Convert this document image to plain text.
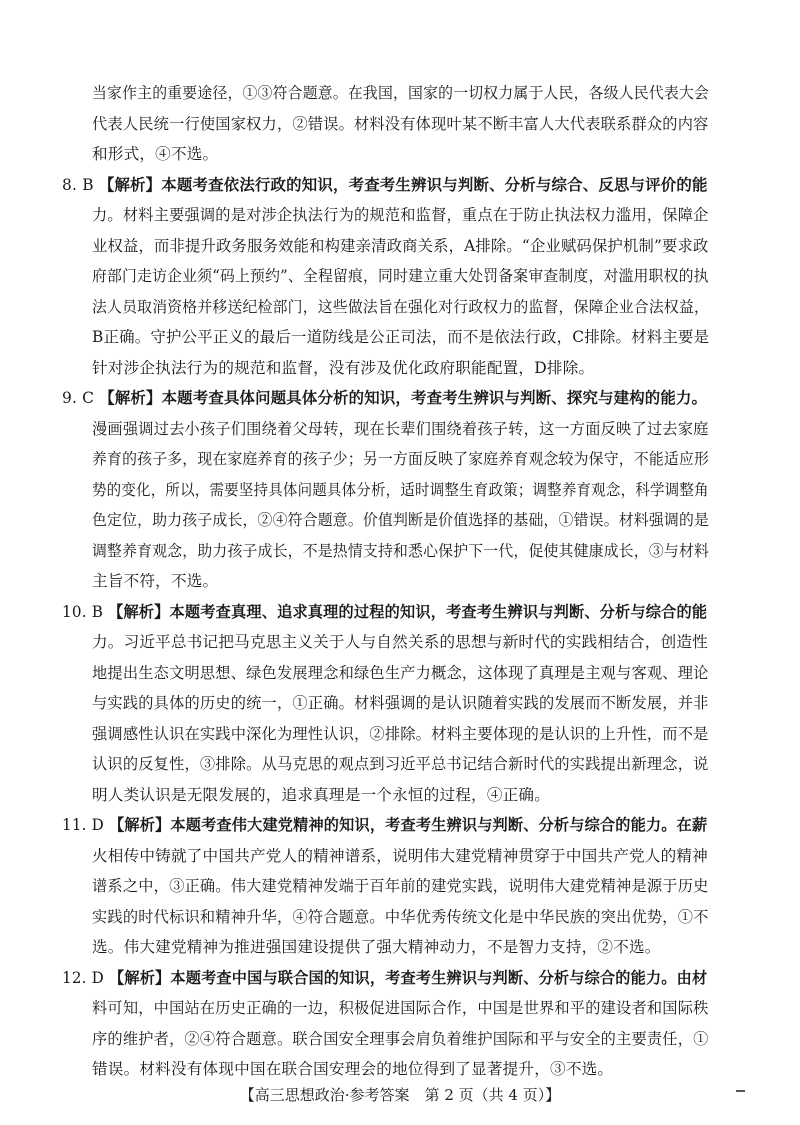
当家作主的重要途径，①③符合题意。在我国，国家的一切权力属于人民，各级人民代表大会
代表人民统一行使国家权力，②错误。材料没有体现叶某不断丰富人大代表联系群众的内容
和形式，④不选。
8. B 【解析】本题考查依法行政的知识，考查考生辨识与判断、分析与综合、反思与评价的能
力。材料主要强调的是对涉企执法行为的规范和监督，重点在于防止执法权力滥用，保障企
业权益，而非提升政务服务效能和构建亲清政商关系，A排除。“企业赋码保护机制”要求政
府部门走访企业须“码上预约”、全程留痕，同时建立重大处罚备案审查制度，对滥用职权的执
法人员取消资格并移送纪检部门，这些做法旨在强化对行政权力的监督，保障企业合法权益，
B正确。守护公平正义的最后一道防线是公正司法，而不是依法行政，C排除。材料主要是
针对涉企执法行为的规范和监督，没有涉及优化政府职能配置，D排除。
9. C 【解析】本题考查具体问题具体分析的知识，考查考生辨识与判断、探究与建构的能力。
漫画强调过去小孩子们围绕着父母转，现在长辈们围绕着孩子转，这一方面反映了过去家庭
养育的孩子多，现在家庭养育的孩子少；另一方面反映了家庭养育观念较为保守，不能适应形
势的变化，所以，需要坚持具体问题具体分析，适时调整生育政策；调整养育观念，科学调整角
色定位，助力孩子成长，②④符合题意。价值判断是价值选择的基础，①错误。材料强调的是
调整养育观念，助力孩子成长，不是热情支持和悉心保护下一代，促使其健康成长，③与材料
主旨不符，不选。
10. B 【解析】本题考查真理、追求真理的过程的知识，考查考生辨识与判断、分析与综合的能
力。习近平总书记把马克思主义关于人与自然关系的思想与新时代的实践相结合，创造性
地提出生态文明思想、绿色发展理念和绿色生产力概念，这体现了真理是主观与客观、理论
与实践的具体的历史的统一，①正确。材料强调的是认识随着实践的发展而不断发展，并非
强调感性认识在实践中深化为理性认识，②排除。材料主要体现的是认识的上升性，而不是
认识的反复性，③排除。从马克思的观点到习近平总书记结合新时代的实践提出新理念，说
明人类认识是无限发展的，追求真理是一个永恒的过程，④正确。
11. D 【解析】本题考查伟大建党精神的知识，考查考生辨识与判断、分析与综合的能力。在薪
火相传中铸就了中国共产党人的精神谱系，说明伟大建党精神贯穿于中国共产党人的精神
谱系之中，③正确。伟大建党精神发端于百年前的建党实践，说明伟大建党精神是源于历史
实践的时代标识和精神升华，④符合题意。中华优秀传统文化是中华民族的突出优势，①不
选。伟大建党精神为推进强国建设提供了强大精神动力，不是智力支持，②不选。
12. D 【解析】本题考查中国与联合国的知识，考查考生辨识与判断、分析与综合的能力。由材
料可知，中国站在历史正确的一边，积极促进国际合作，中国是世界和平的建设者和国际秩
序的维护者，②④符合题意。联合国安全理事会肩负着维护国际和平与安全的主要责任，①
错误。材料没有体现中国在联合国安理会的地位得到了显著提升，③不选。
【高三思想政治·参考答案　第 2 页（共 4 页）】
